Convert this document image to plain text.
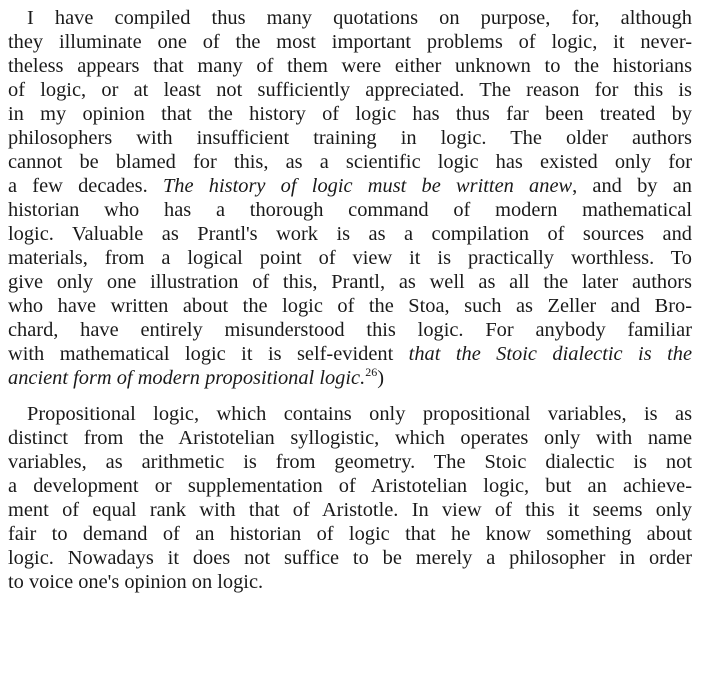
I have compiled thus many quotations on purpose, for, although
they illuminate one of the most important problems of logic, it never-
theless appears that many of them were either unknown to the historians
of logic, or at least not sufficiently appreciated. The reason for this is
in my opinion that the history of logic has thus far been treated by
philosophers with insufficient training in logic. The older authors
cannot be blamed for this, as a scientific logic has existed only for
a few decades. The history of logic must be written anew, and by an
historian who has a thorough command of modern mathematical
logic. Valuable as Prantl's work is as a compilation of sources and
materials, from a logical point of view it is practically worthless. To
give only one illustration of this, Prantl, as well as all the later authors
who have written about the logic of the Stoa, such as Zeller and Bro-
chard, have entirely misunderstood this logic. For anybody familiar
with mathematical logic it is self-evident that the Stoic dialectic is the
ancient form of modern propositional logic.$^{26}$)
Propositional logic, which contains only propositional variables, is as
distinct from the Aristotelian syllogistic, which operates only with name
variables, as arithmetic is from geometry. The Stoic dialectic is not
a development or supplementation of Aristotelian logic, but an achieve-
ment of equal rank with that of Aristotle. In view of this it seems only
fair to demand of an historian of logic that he know something about
logic. Nowadays it does not suffice to be merely a philosopher in order
to voice one's opinion on logic.
